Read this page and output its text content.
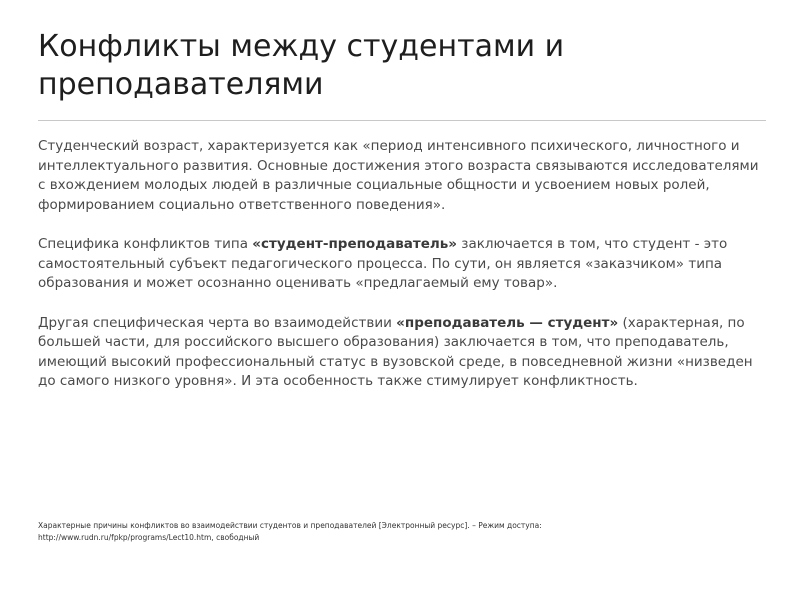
Конфликты между студентами и преподавателями

Студенческий возраст, характеризуется как «период интенсивного психического, личностного и интеллектуального развития. Основные достижения этого возраста связываются исследователями с вхождением молодых людей в различные социальные общности и усвоением новых ролей, формированием социально ответственного поведения».

Специфика конфликтов типа «студент-преподаватель» заключается в том, что студент - это самостоятельный субъект педагогического процесса. По сути, он является «заказчиком» типа образования и может осознанно оценивать «предлагаемый ему товар».

Другая специфическая черта во взаимодействии «преподаватель — студент» (характерная, по большей части, для российского высшего образования) заключается в том, что преподаватель, имеющий высокий профессиональный статус в вузовской среде, в повседневной жизни «низведен до самого низкого уровня». И эта особенность также стимулирует конфликтность.

Характерные причины конфликтов во взаимодействии студентов и преподавателей [Электронный ресурс]. – Режим доступа:
http://www.rudn.ru/fpkp/programs/Lect10.htm, свободный
